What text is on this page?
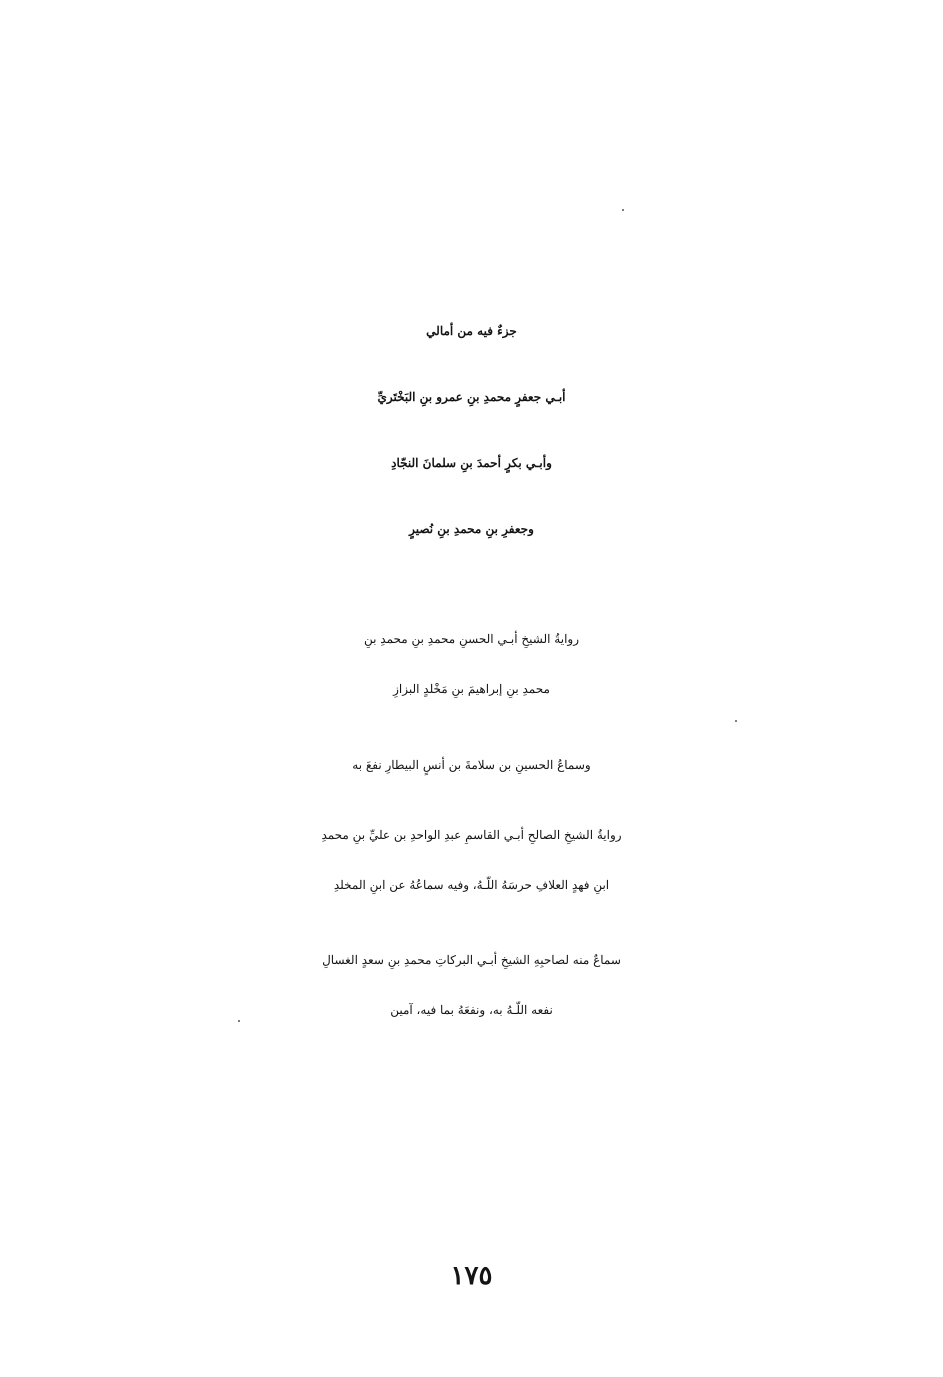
جزءٌ فيه من أمالي
أبـي جعفرٍ محمدِ بنِ عمرو بنِ البَخْتَريِّ
وأبـي بكرٍ أحمدَ بنِ سلمانَ النجّادِ
وجعفرِ بنِ محمدِ بنِ نُصيرٍ
روايةُ الشيخِ أبـي الحسنِ محمدِ بنِ محمدِ بنِ
محمدِ بنِ إبراهيمَ بنِ مَخْلدٍ البزازِ
وسماعُ الحسينِ بن سلامةَ بن أنسٍ البيطارِ نفعَ به
روايةُ الشيخِ الصالحِ أبـي القاسمِ عبدِ الواحدِ بن عليِّ بنِ محمدِ
ابنِ فهدٍ العلافِ حرسَهُ اللّـهُ، وفيه سماعُهُ عن ابنِ المخلدِ
سماعٌ منه لصاحبِهِ الشيخِ أبـي البركاتِ محمدِ بنِ سعدٍ الغسالِ
نفعه اللّـهُ به، ونفعَهُ بما فيه، آمين
١٧٥
